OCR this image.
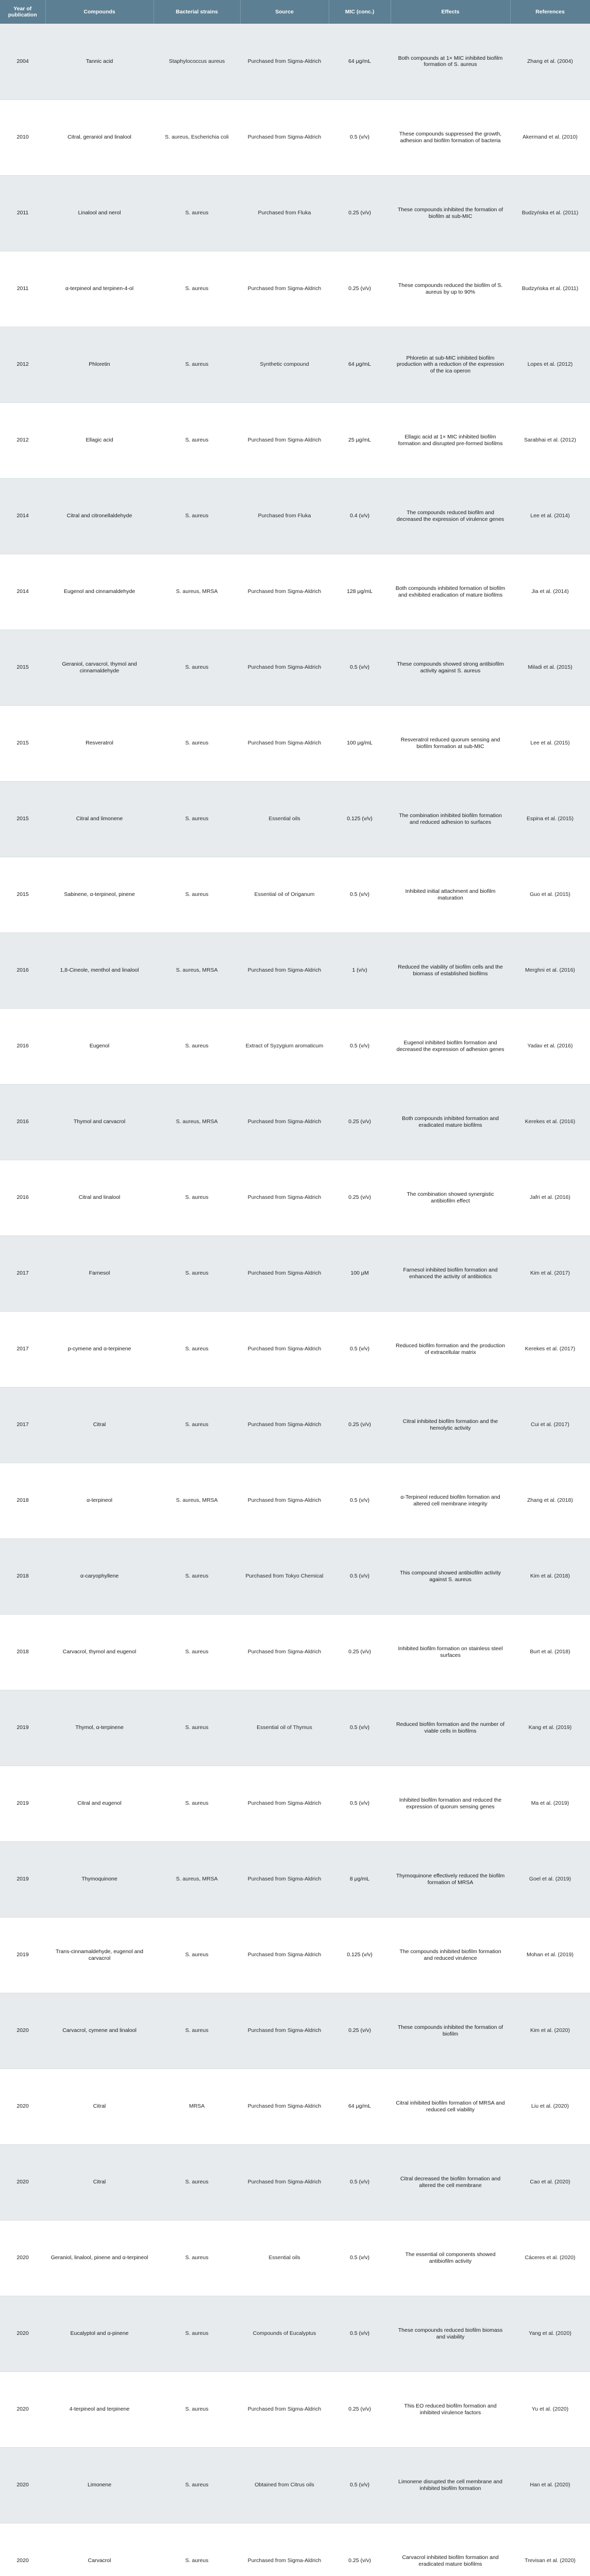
Year of publication	Compounds	Bacterial strains	Source	MIC (conc.)	Effects	References
2004	Tannic acid	Staphylococcus aureus	Purchased from Sigma-Aldrich	64 μg/mL	Both compounds at 1× MIC inhibited biofilm formation of S. aureus	Zhang et al. (2004)
2010	Citral, geraniol and linalool	S. aureus, Escherichia coli	Purchased from Sigma-Aldrich	0.5 (v/v)	These compounds suppressed the growth, adhesion and biofilm formation of bacteria	Akermand et al. (2010)
2011	Linalool and nerol	S. aureus	Purchased from Fluka	0.25 (v/v)	These compounds inhibited the formation of biofilm at sub-MIC	Budzyńska et al. (2011)
2011	α-terpineol and terpinen-4-ol	S. aureus	Purchased from Sigma-Aldrich	0.25 (v/v)	These compounds reduced the biofilm of S. aureus by up to 90%	Budzyńska et al. (2011)
2012	Phloretin	S. aureus	Synthetic compound	64 μg/mL	Phloretin at sub-MIC inhibited biofilm production with a reduction of the expression of the ica operon	Lopes et al. (2012)
2012	Ellagic acid	S. aureus	Purchased from Sigma-Aldrich	25 μg/mL	Ellagic acid at 1× MIC inhibited biofilm formation and disrupted pre-formed biofilms	Sarabhai et al. (2012)
2014	Citral and citronellaldehyde	S. aureus	Purchased from Fluka	0.4 (v/v)	The compounds reduced biofilm and decreased the expression of virulence genes	Lee et al. (2014)
2014	Eugenol and cinnamaldehyde	S. aureus, MRSA	Purchased from Sigma-Aldrich	128 μg/mL	Both compounds inhibited formation of biofilm and exhibited eradication of mature biofilms	Jia et al. (2014)
2015	Geraniol, carvacrol, thymol and cinnamaldehyde	S. aureus	Purchased from Sigma-Aldrich	0.5 (v/v)	These compounds showed strong antibiofilm activity against S. aureus	Miladi et al. (2015)
2015	Resveratrol	S. aureus	Purchased from Sigma-Aldrich	100 μg/mL	Resveratrol reduced quorum sensing and biofilm formation at sub-MIC	Lee et al. (2015)
2015	Citral and limonene	S. aureus	Essential oils	0.125 (v/v)	The combination inhibited biofilm formation and reduced adhesion to surfaces	Espina et al. (2015)
2015	Sabinene, α-terpineol, pinene	S. aureus	Essential oil of Origanum	0.5 (v/v)	Inhibited initial attachment and biofilm maturation	Guo et al. (2015)
2016	1,8-Cineole, menthol and linalool	S. aureus, MRSA	Purchased from Sigma-Aldrich	1 (v/v)	Reduced the viability of biofilm cells and the biomass of established biofilms	Merghni et al. (2016)
2016	Eugenol	S. aureus	Extract of Syzygium aromaticum	0.5 (v/v)	Eugenol inhibited biofilm formation and decreased the expression of adhesion genes	Yadav et al. (2016)
2016	Thymol and carvacrol	S. aureus, MRSA	Purchased from Sigma-Aldrich	0.25 (v/v)	Both compounds inhibited formation and eradicated mature biofilms	Kerekes et al. (2016)
2016	Citral and linalool	S. aureus	Purchased from Sigma-Aldrich	0.25 (v/v)	The combination showed synergistic antibiofilm effect	Jafri et al. (2016)
2017	Farnesol	S. aureus	Purchased from Sigma-Aldrich	100 μM	Farnesol inhibited biofilm formation and enhanced the activity of antibiotics	Kim et al. (2017)
2017	p-cymene and α-terpinene	S. aureus	Purchased from Sigma-Aldrich	0.5 (v/v)	Reduced biofilm formation and the production of extracellular matrix	Kerekes et al. (2017)
2017	Citral	S. aureus	Purchased from Sigma-Aldrich	0.25 (v/v)	Citral inhibited biofilm formation and the hemolytic activity	Cui et al. (2017)
2018	α-terpineol	S. aureus, MRSA	Purchased from Sigma-Aldrich	0.5 (v/v)	α-Terpineol reduced biofilm formation and altered cell membrane integrity	Zhang et al. (2018)
2018	α-caryophyllene	S. aureus	Purchased from Tokyo Chemical	0.5 (v/v)	This compound showed antibiofilm activity against S. aureus	Kim et al. (2018)
2018	Carvacrol, thymol and eugenol	S. aureus	Purchased from Sigma-Aldrich	0.25 (v/v)	Inhibited biofilm formation on stainless steel surfaces	Burt et al. (2018)
2019	Thymol, α-terpinene	S. aureus	Essential oil of Thymus	0.5 (v/v)	Reduced biofilm formation and the number of viable cells in biofilms	Kang et al. (2019)
2019	Citral and eugenol	S. aureus	Purchased from Sigma-Aldrich	0.5 (v/v)	Inhibited biofilm formation and reduced the expression of quorum sensing genes	Ma et al. (2019)
2019	Thymoquinone	S. aureus, MRSA	Purchased from Sigma-Aldrich	8 μg/mL	Thymoquinone effectively reduced the biofilm formation of MRSA	Goel et al. (2019)
2019	Trans-cinnamaldehyde, eugenol and carvacrol	S. aureus	Purchased from Sigma-Aldrich	0.125 (v/v)	The compounds inhibited biofilm formation and reduced virulence	Mohan et al. (2019)
2020	Carvacrol, cymene and linalool	S. aureus	Purchased from Sigma-Aldrich	0.25 (v/v)	These compounds inhibited the formation of biofilm	Kim et al. (2020)
2020	Citral	MRSA	Purchased from Sigma-Aldrich	64 μg/mL	Citral inhibited biofilm formation of MRSA and reduced cell viability	Liu et al. (2020)
2020	Citral	S. aureus	Purchased from Sigma-Aldrich	0.5 (v/v)	Citral decreased the biofilm formation and altered the cell membrane	Cao et al. (2020)
2020	Geraniol, linalool, pinene and α-terpineol	S. aureus	Essential oils	0.5 (v/v)	The essential oil components showed antibiofilm activity	Cáceres et al. (2020)
2020	Eucalyptol and α-pinene	S. aureus	Compounds of Eucalyptus	0.5 (v/v)	These compounds reduced biofilm biomass and viability	Yang et al. (2020)
2020	4-terpineol and terpinene	S. aureus	Purchased from Sigma-Aldrich	0.25 (v/v)	This EO reduced biofilm formation and inhibited virulence factors	Yu et al. (2020)
2020	Limonene	S. aureus	Obtained from Citrus oils	0.5 (v/v)	Limonene disrupted the cell membrane and inhibited biofilm formation	Han et al. (2020)
2020	Carvacrol	S. aureus	Purchased from Sigma-Aldrich	0.25 (v/v)	Carvacrol inhibited biofilm formation and eradicated mature biofilms	Trevisan et al. (2020)
